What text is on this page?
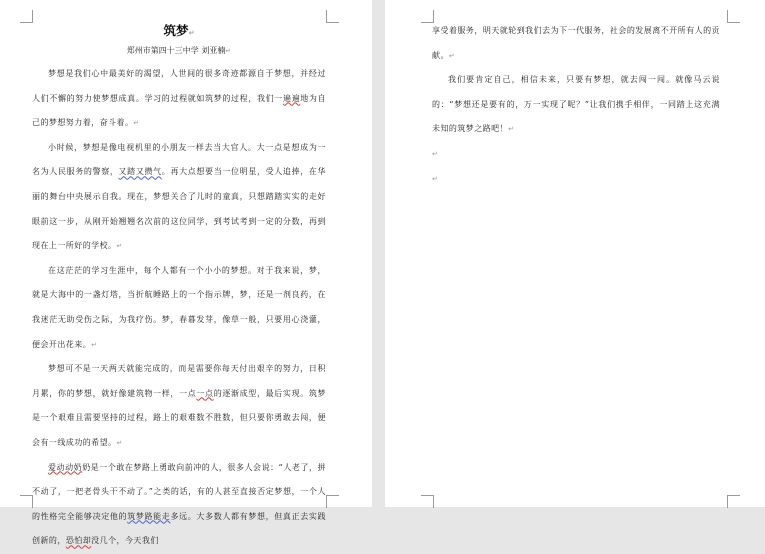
筑梦↵
郑州市第四十三中学 刘亚楠↵

梦想是我们心中最美好的渴望，人世间的很多奇迹都源自于梦想，并经过人们不懈的努力使梦想成真。学习的过程就如筑梦的过程，我们一遍遍地为自己的梦想努力着，奋斗着。↵

小时候，梦想是像电视机里的小朋友一样去当大官人。大一点是想成为一名为人民服务的警察，又踏又攒气。再大点想要当一位明星，受人追捧，在华丽的舞台中央展示自我。现在，梦想关合了儿时的童真，只想踏踏实实的走好眼前这一步，从刚开始翘翘名次前的这位同学，到考试考到一定的分数，再到现在上一所好的学校。↵

在这茫茫的学习生涯中，每个人都有一个小小的梦想。对于我来说，梦，就是大海中的一盏灯塔，当折航睡路上的一个指示牌，梦，还是一剂良药，在我迷茫无助受伤之际，为我疗伤。梦，春暮发芽，像草一般，只要用心浇灌，便会开出花来。↵

梦想可不是一天两天就能完成的，而是需要你每天付出艰辛的努力，日积月累，你的梦想，就好像建筑物一样，一点一点的逐渐成型，最后实现。筑梦是一个艰难且需要坚持的过程，路上的艰难数不胜数，但只要你勇敢去闯，便会有一线成功的希望。↵

爱动动奶奶是一个敢在梦路上勇敢向前冲的人，很多人会说：“人老了，拼不动了，一把老骨头干不动了。”之类的话，有的人甚至直接否定梦想，一个人的性格完全能够决定他的筑梦路能走多远。大多数人都有梦想，但真正去实践创新的，恐怕却没几个，今天我们

享受着服务，明天就轮到我们去为下一代服务，社会的发展离不开所有人的贡献。↵

我们要肯定自己，相信未来，只要有梦想，就去闯一闯。就像马云说的：“梦想还是要有的，万一实现了呢？”让我们携手相伴，一同踏上这充满未知的筑梦之路吧！↵

↵

↵
